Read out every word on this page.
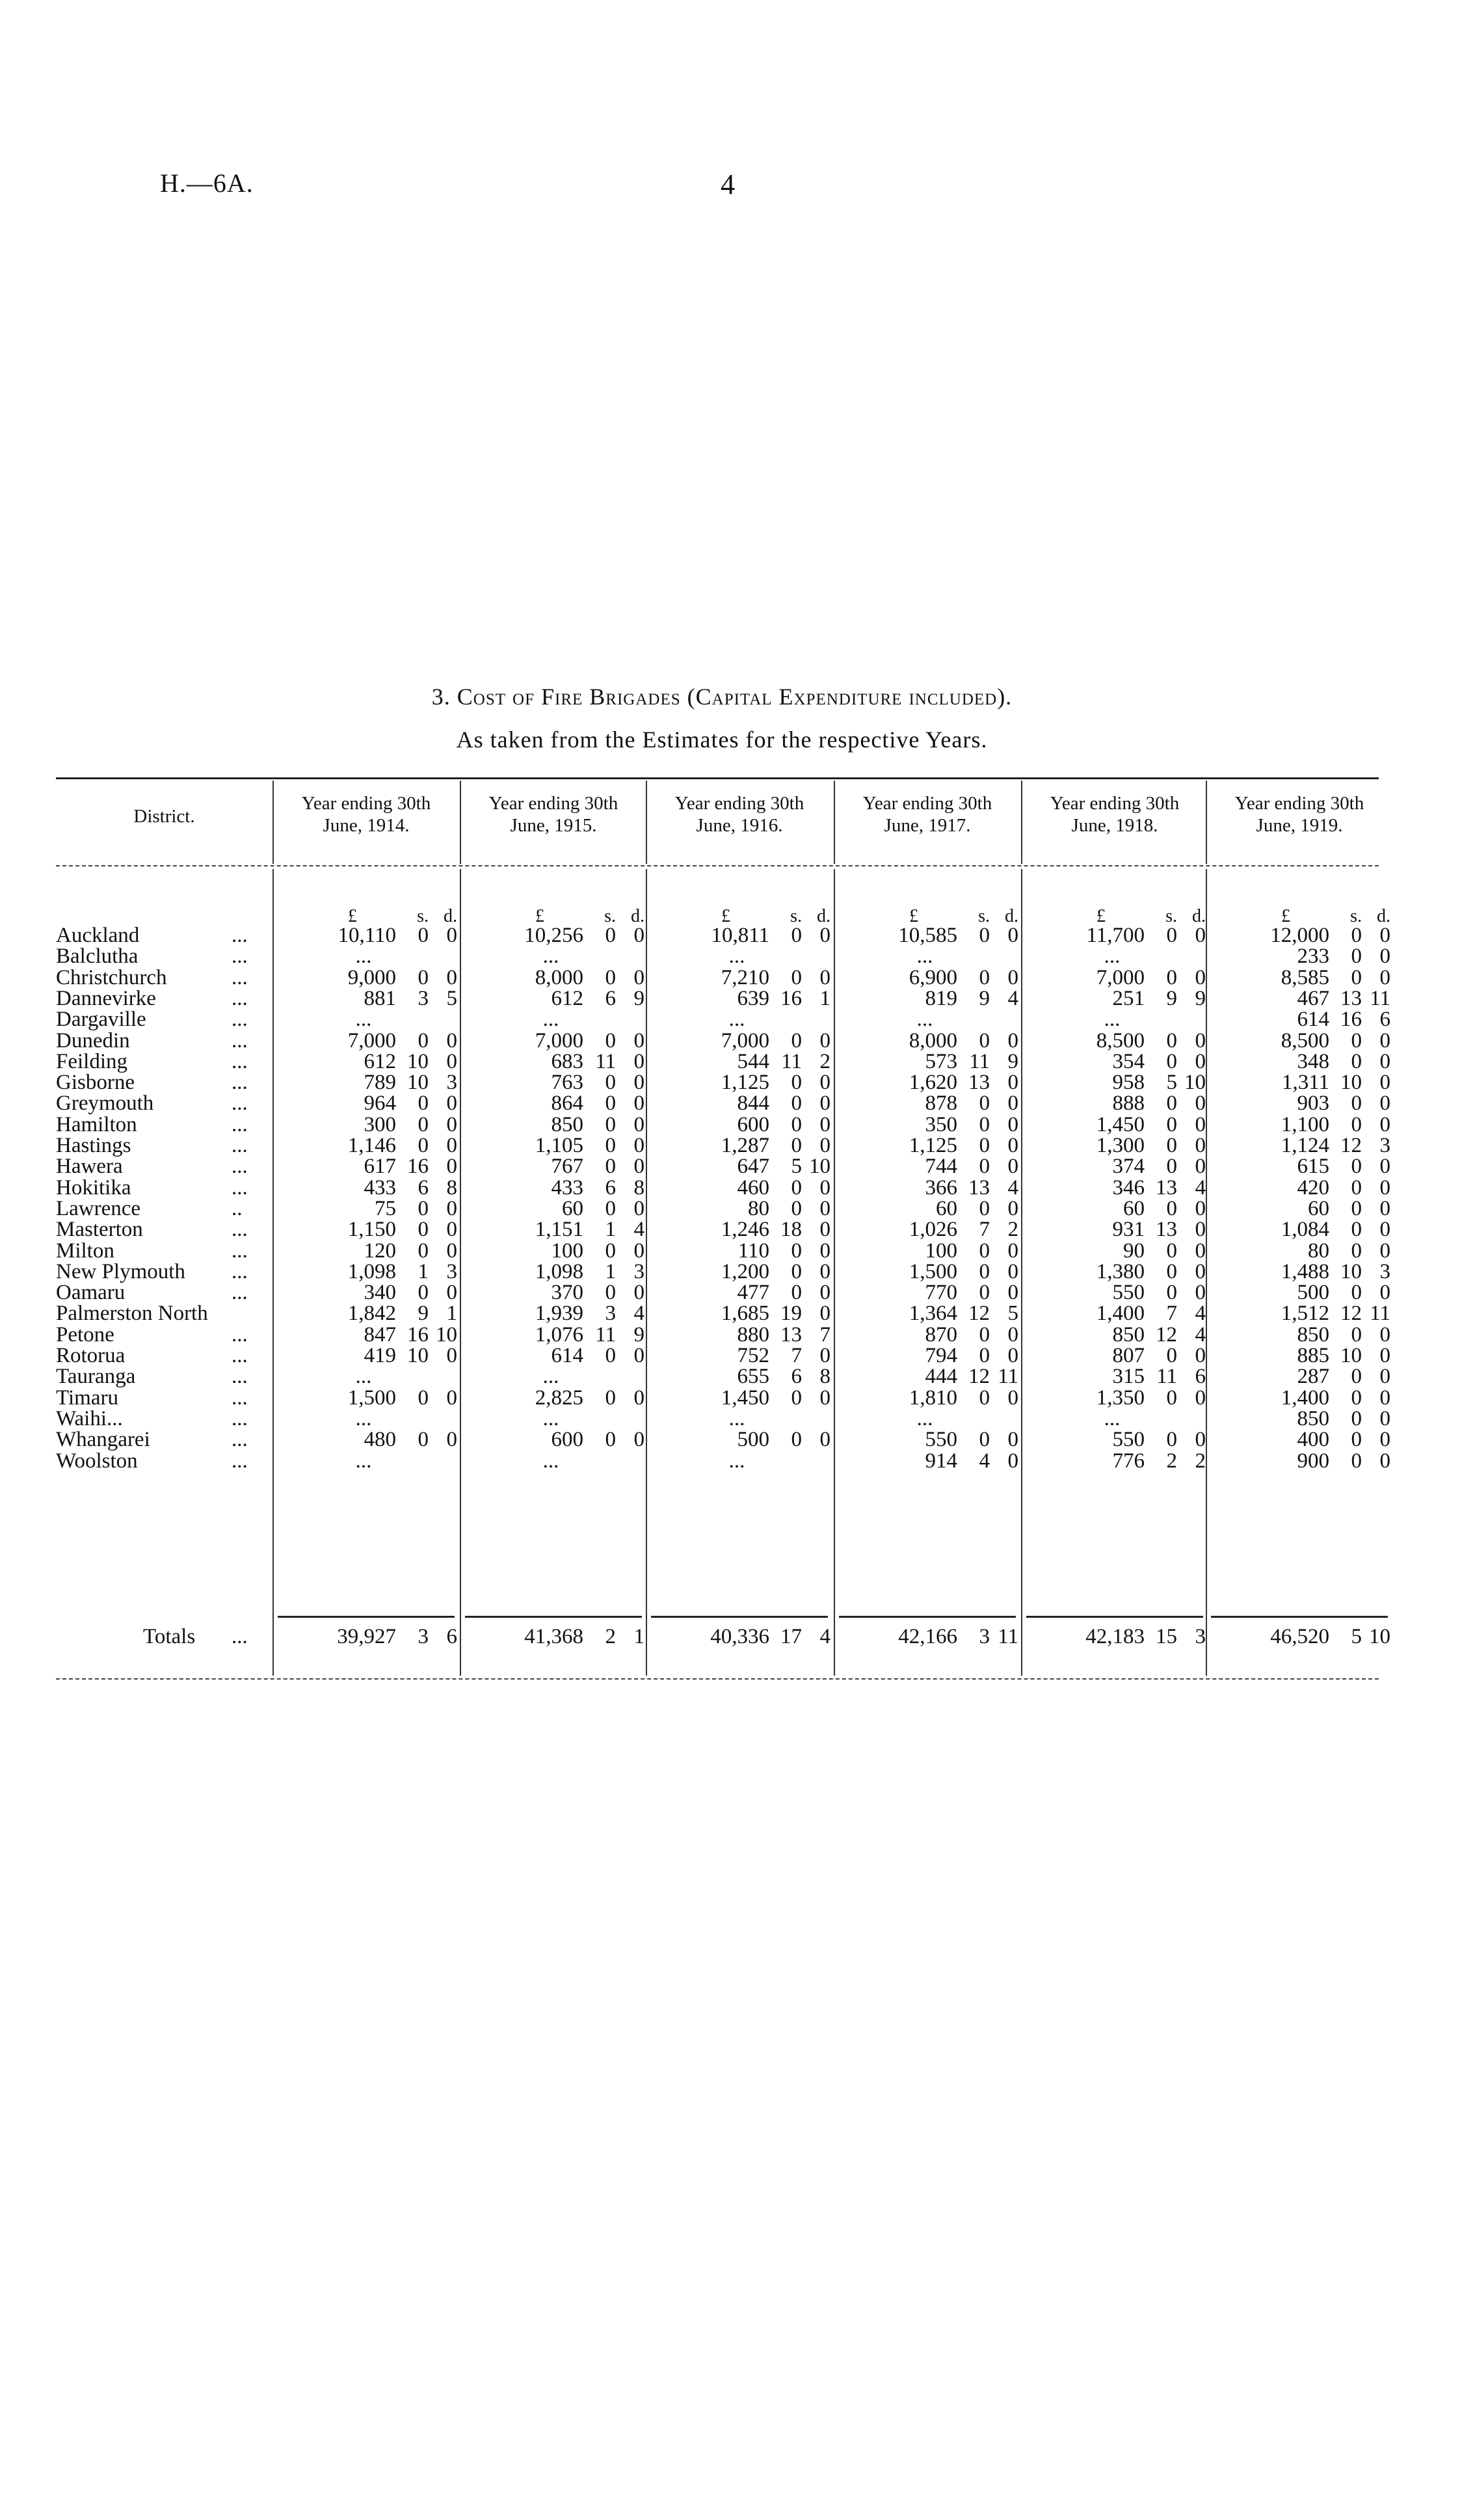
H.—6A.	4
3. Cost of Fire Brigades (Capital Expenditure included).
As taken from the Estimates for the respective Years.
District.
Year ending 30th
June, 1914.
Year ending 30th
June, 1915.
Year ending 30th
June, 1916.
Year ending 30th
June, 1917.
Year ending 30th
June, 1918.
Year ending 30th
June, 1919.
£	s. d.	£	s. d.	£	s. d.	£	s. d.	£	s. d.	£	s. d.
Auckland	...	10,110	0 0	10,256	0 0	10,811	0 0	10,585	0 0	11,700	0 0	12,000	0 0
Balclutha	...	...	...	...	...	...	233	0 0
Christchurch	...	9,000	0 0	8,000	0 0	7,210	0 0	6,900	0 0	7,000	0 0	8,585	0 0
Dannevirke	...	881	3 5	612	6 9	639 16 1	819	9 4	251	9 9	467 13 11
Dargaville	...	...	...	...	...	...	614 16 6
Dunedin	...	7,000	0 0	7,000	0 0	7,000	0 0	8,000	0 0	8,500	0 0	8,500	0 0
Feilding	...	612 10 0	683 11 0	544 11 2	573 11 9	354	0 0	348	0 0
Gisborne	...	789 10 3	763	0 0	1,125	0 0	1,620 13 0	958	5 10	1,311 10 0
Greymouth	...	964	0 0	864	0 0	844	0 0	878	0 0	888	0 0	903	0 0
Hamilton	...	300	0 0	850	0 0	600	0 0	350	0 0	1,450	0 0	1,100	0 0
Hastings	...	1,146	0 0	1,105	0 0	1,287	0 0	1,125	0 0	1,300	0 0	1,124 12 3
Hawera	...	617 16 0	767	0 0	647	5 10	744	0 0	374	0 0	615	0 0
Hokitika	...	433	6 8	433	6 8	460	0 0	366 13 4	346 13 4	420	0 0
Lawrence	..	75	0 0	60	0 0	80	0 0	60	0 0	60	0 0	60	0 0
Masterton	...	1,150	0 0	1,151	1 4	1,246 18 0	1,026	7 2	931 13 0	1,084	0 0
Milton	...	120	0 0	100	0 0	110	0 0	100	0 0	90	0 0	80	0 0
New Plymouth ...	1,098	1 3	1,098	1 3	1,200	0 0	1,500	0 0	1,380	0 0	1,488 10 3
Oamaru	...	340	0 0	370	0 0	477	0 0	770	0 0	550	0 0	500	0 0
Palmerston North	1,842	9 1	1,939	3 4	1,685 19 0	1,364 12 5	1,400	7 4	1,512 12 11
Petone	...	847 16 10	1,076 11 9	880 13 7	870	0 0	850 12 4	850	0 0
Rotorua	...	419 10 0	614	0 0	752	7 0	794	0 0	807	0 0	885 10 0
Tauranga	...	...	...	655	6 8	444 12 11	315 11 6	287	0 0
Timaru	...	1,500	0 0	2,825	0 0	1,450	0 0	1,810	0 0	1,350	0 0	1,400	0 0
Waihi...	...	...	...	...	...	...	850	0 0
Whangarei	...	480	0 0	600	0 0	500	0 0	550	0 0	550	0 0	400	0 0
Woolston	...	...	...	...	914	4 0	776	2 2	900	0 0
Totals ...	39,927	3 6	41,368	2 1	40,336 17 4	42,166	3 11	42,183 15 3	46,520	5 10
